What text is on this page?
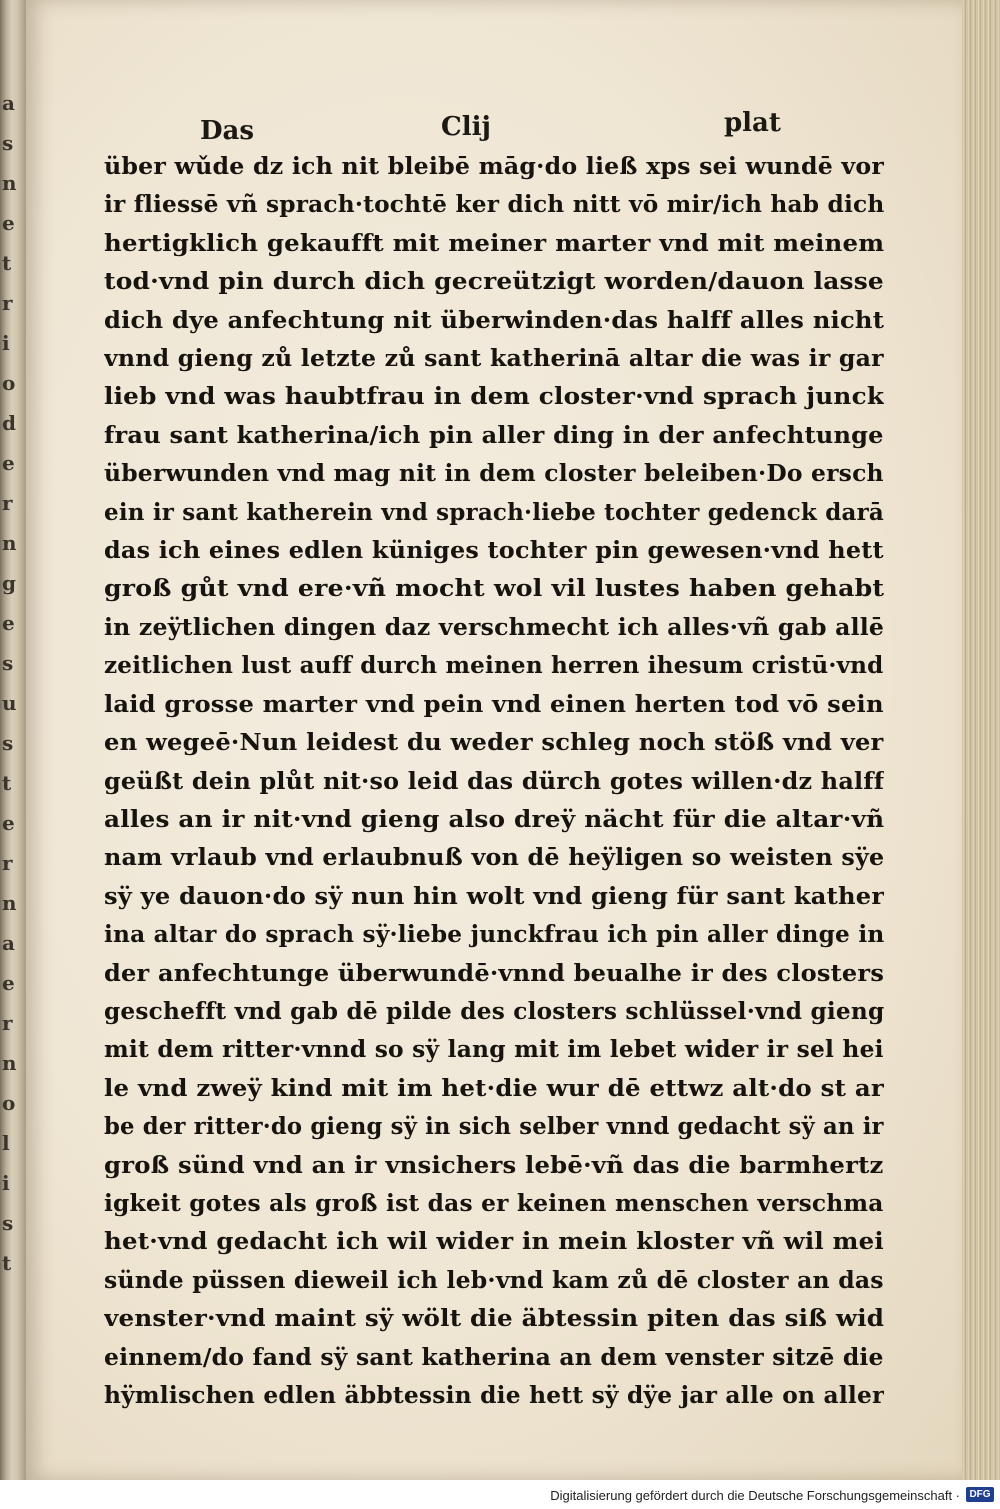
a
s
n
e
t
r
i
o
d
e
r
n
g
e
s
u
s
t
e
r
n
a
e
r
n
o
l
i
s
t
Das	Clij	plat
über wǔde dz ich nit bleibē māg·do ließ xps sei wundē vor
ir fliessē vñ sprach·tochtē ker dich nitt vō mir/ich hab dich
hertigklich gekaufft mit meiner marter vnd mit meinem
tod·vnd pin durch dich gecreützigt worden/dauon lasse
dich dye anfechtung nit überwinden·das halff alles nicht
vnnd gieng zů letzte zů sant katherinā altar die was ir gar
lieb vnd was haubtfrau in dem closter·vnd sprach junck
frau sant katherina/ich pin aller ding in der anfechtunge
überwunden vnd mag nit in dem closter beleiben·Do ersch
ein ir sant katherein vnd sprach·liebe tochter gedenck darā
das ich eines edlen küniges tochter pin gewesen·vnd hett
groß gůt vnd ere·vñ mocht wol vil lustes haben gehabt
in zeÿtlichen dingen daz verschmecht ich alles·vñ gab allē
zeitlichen lust auff durch meinen herren ihesum cristū·vnd
laid grosse marter vnd pein vnd einen herten tod vō sein
en wegeē·Nun leidest du weder schleg noch stöß vnd ver
geüßt dein plůt nit·so leid das dürch gotes willen·dz halff
alles an ir nit·vnd gieng also dreÿ nächt für die altar·vñ
nam vrlaub vnd erlaubnuß von dē heÿligen so weisten sÿe
sÿ ye dauon·do sÿ nun hin wolt vnd gieng für sant kather
ina altar do sprach sÿ·liebe junckfrau ich pin aller dinge in
der anfechtunge überwundē·vnnd beualhe ir des closters
geschefft vnd gab dē pilde des closters schlüssel·vnd gieng
mit dem ritter·vnnd so sÿ lang mit im lebet wider ir sel hei
le vnd zweÿ kind mit im het·die wur dē ettwz alt·do st ar
be der ritter·do gieng sÿ in sich selber vnnd gedacht sÿ an ir
groß sünd vnd an ir vnsichers lebē·vñ das die barmhertz
igkeit gotes als groß ist das er keinen menschen verschma
het·vnd gedacht ich wil wider in mein kloster vñ wil mei
sünde püssen dieweil ich leb·vnd kam zů dē closter an das
venster·vnd maint sÿ wölt die äbtessin piten das siß wid
einnem/do fand sÿ sant katherina an dem venster sitzē die
hÿmlischen edlen äbbtessin die hett sÿ dÿe jar alle on aller
Digitalisierung gefördert durch die Deutsche Forschungsgemeinschaft · DFG
